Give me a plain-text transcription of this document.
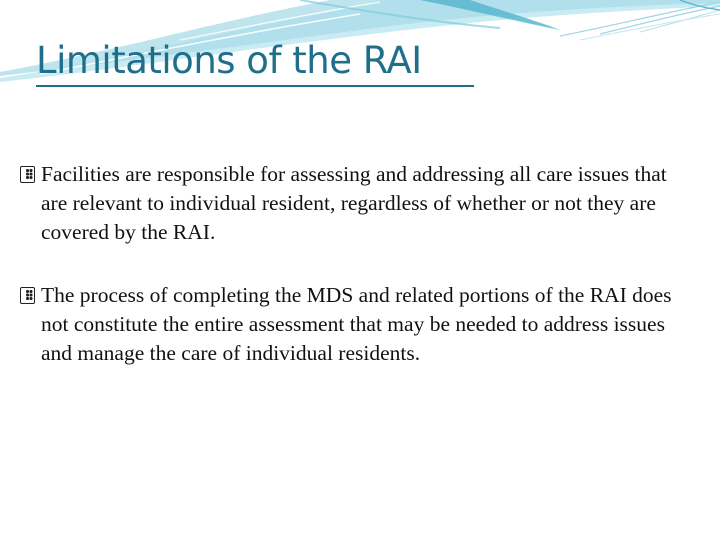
Limitations of the RAI
Facilities are responsible for assessing and addressing all care issues that are relevant to individual resident, regardless of whether or not they are covered by the RAI.
The process of completing the MDS and related portions of the RAI does not constitute the entire assessment that may be needed to address issues and manage the care of individual residents.
